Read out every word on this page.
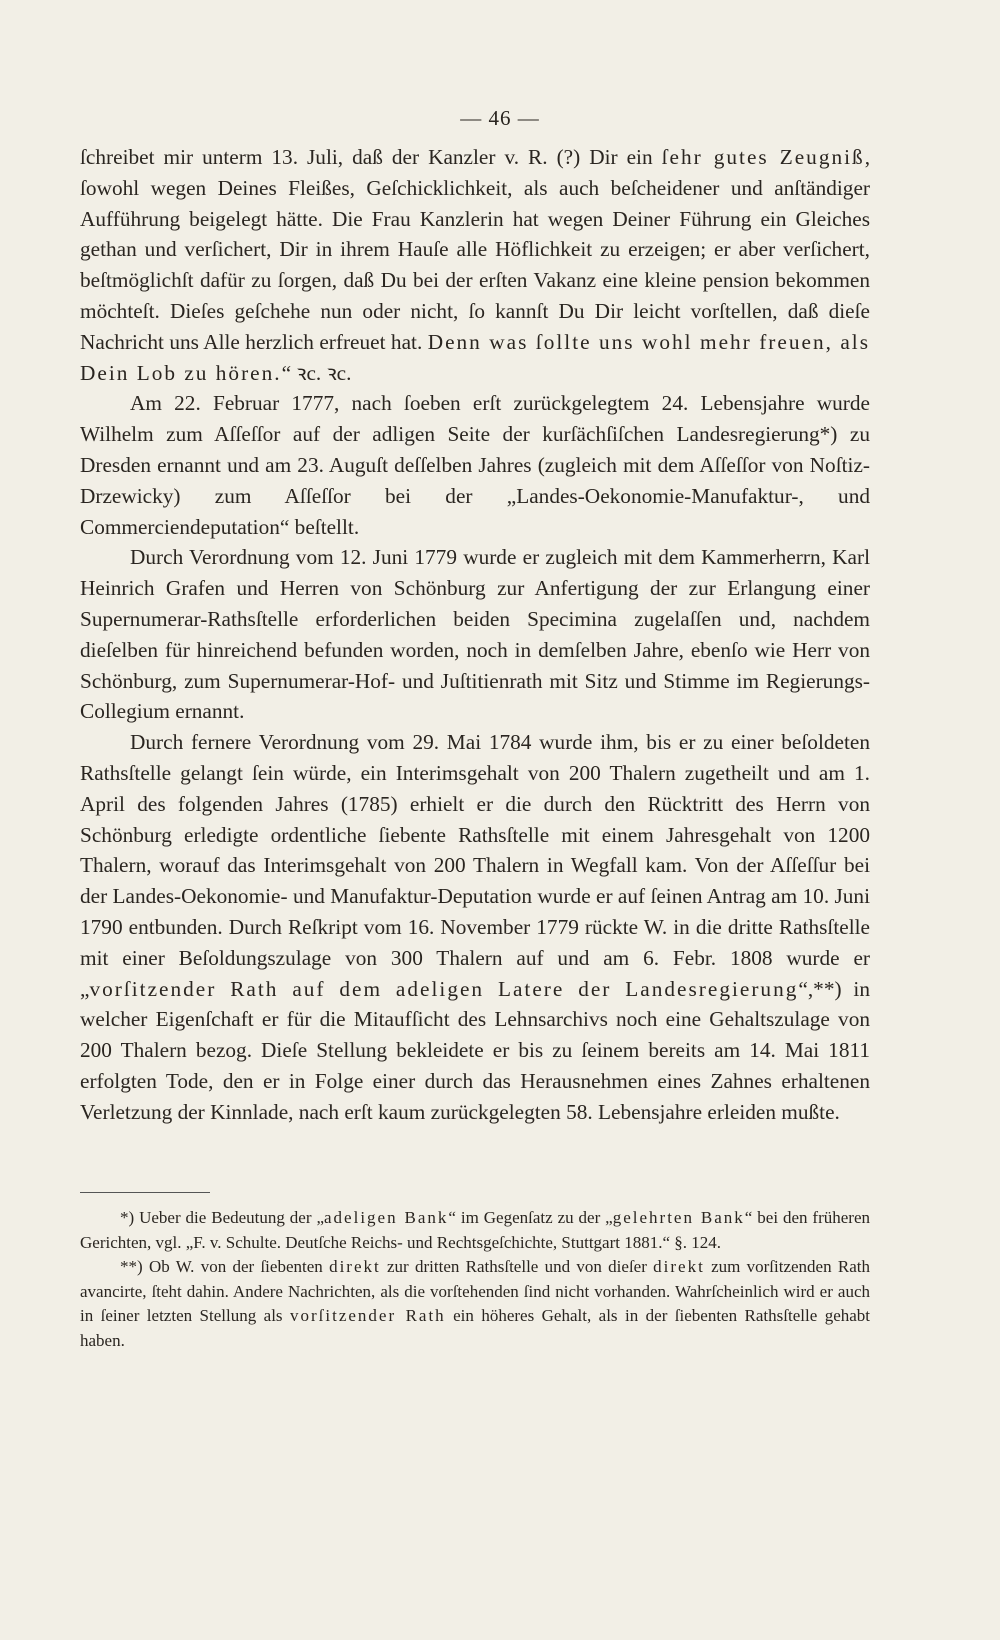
— 46 —

ſchreibet mir unterm 13. Juli, daß der Kanzler v. R. (?) Dir ein ſehr gutes Zeugniß, ſowohl wegen Deines Fleißes, Geſchicklichkeit, als auch beſcheidener und anſtändiger Aufführung beigelegt hätte. Die Frau Kanzlerin hat wegen Deiner Führung ein Gleiches gethan und verſichert, Dir in ihrem Hauſe alle Höflichkeit zu erzeigen; er aber verſichert, beſtmöglichſt dafür zu ſorgen, daß Du bei der erſten Vakanz eine kleine pension bekommen möchteſt. Dieſes geſchehe nun oder nicht, ſo kannſt Du Dir leicht vorſtellen, daß dieſe Nachricht uns Alle herzlich erfreuet hat. Denn was ſollte uns wohl mehr freuen, als Dein Lob zu hören.“ ꝛc. ꝛc.

Am 22. Februar 1777, nach ſoeben erſt zurückgelegtem 24. Lebensjahre wurde Wilhelm zum Aſſeſſor auf der adligen Seite der kurſächſiſchen Landesregierung*) zu Dresden ernannt und am 23. Auguſt deſſelben Jahres (zugleich mit dem Aſſeſſor von Noſtiz-Drzewicky) zum Aſſeſſor bei der „Landes-Oekonomie-Manufaktur-, und Commerciendeputation“ beſtellt.

Durch Verordnung vom 12. Juni 1779 wurde er zugleich mit dem Kammerherrn, Karl Heinrich Grafen und Herren von Schönburg zur Anfertigung der zur Erlangung einer Supernumerar-Rathsſtelle erforderlichen beiden Specimina zugelaſſen und, nachdem dieſelben für hinreichend befunden worden, noch in demſelben Jahre, ebenſo wie Herr von Schönburg, zum Supernumerar-Hof- und Juſtitienrath mit Sitz und Stimme im Regierungs-Collegium ernannt.

Durch fernere Verordnung vom 29. Mai 1784 wurde ihm, bis er zu einer beſoldeten Rathsſtelle gelangt ſein würde, ein Interimsgehalt von 200 Thalern zugetheilt und am 1. April des folgenden Jahres (1785) erhielt er die durch den Rücktritt des Herrn von Schönburg erledigte ordentliche ſiebente Rathsſtelle mit einem Jahresgehalt von 1200 Thalern, worauf das Interimsgehalt von 200 Thalern in Wegfall kam. Von der Aſſeſſur bei der Landes-Oekonomie- und Manufaktur-Deputation wurde er auf ſeinen Antrag am 10. Juni 1790 entbunden. Durch Reſkript vom 16. November 1779 rückte W. in die dritte Rathsſtelle mit einer Beſoldungszulage von 300 Thalern auf und am 6. Febr. 1808 wurde er „vorſitzender Rath auf dem adeligen Latere der Landesregierung“,**) in welcher Eigenſchaft er für die Mitaufſicht des Lehnsarchivs noch eine Gehaltszulage von 200 Thalern bezog. Dieſe Stellung bekleidete er bis zu ſeinem bereits am 14. Mai 1811 erfolgten Tode, den er in Folge einer durch das Herausnehmen eines Zahnes erhaltenen Verletzung der Kinnlade, nach erſt kaum zurückgelegten 58. Lebensjahre erleiden mußte.

*) Ueber die Bedeutung der „adeligen Bank“ im Gegenſatz zu der „gelehrten Bank“ bei den früheren Gerichten, vgl. „F. v. Schulte. Deutſche Reichs- und Rechtsgeſchichte, Stuttgart 1881.“ §. 124.

**) Ob W. von der ſiebenten direkt zur dritten Rathsſtelle und von dieſer direkt zum vorſitzenden Rath avancirte, ſteht dahin. Andere Nachrichten, als die vorſtehenden ſind nicht vorhanden. Wahrſcheinlich wird er auch in ſeiner letzten Stellung als vorſitzender Rath ein höheres Gehalt, als in der ſiebenten Rathsſtelle gehabt haben.
